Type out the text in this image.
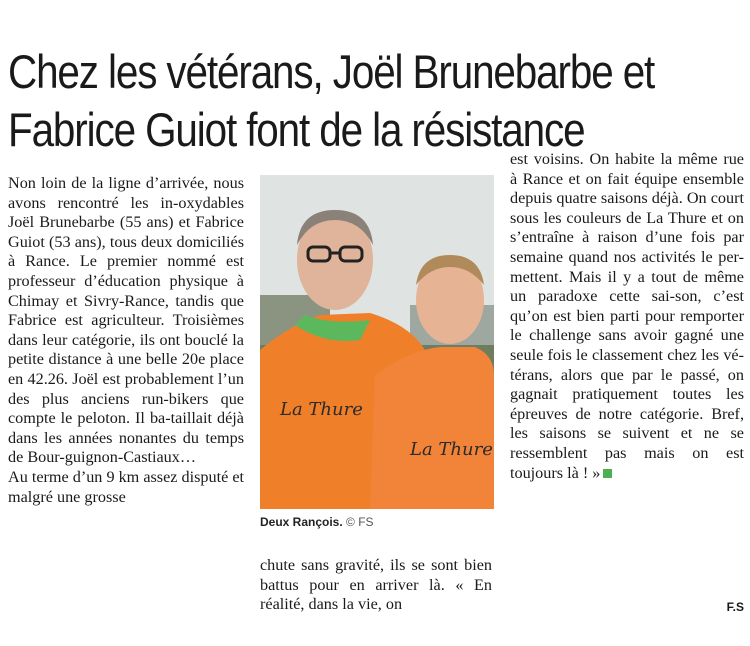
Chez les vétérans, Joël Brunebarbe et
Fabrice Guiot font de la résistance

Non loin de la ligne d’arrivée, nous avons rencontré les in-oxydables Joël Brunebarbe (55 ans) et Fabrice Guiot (53 ans), tous deux domiciliés à Rance. Le premier nommé est professeur d’éducation physique à Chimay et Sivry-Rance, tandis que Fabrice est agriculteur. Troisièmes dans leur catégorie, ils ont bouclé la petite distance à une belle 20e place en 42.26. Joël est probablement l’un des plus anciens run-bikers que compte le peloton. Il ba-taillait déjà dans les années nonantes du temps de Bour-guignon-Castiaux…

Au terme d’un 9 km assez disputé et malgré une grosse

La Thure
La Thure
Deux Rançois. © FS

chute sans gravité, ils se sont bien battus pour en arriver là. « En réalité, dans la vie, on

est voisins. On habite la même rue à Rance et on fait équipe ensemble depuis quatre saisons déjà. On court sous les couleurs de La Thure et on s’entraîne à raison d’une fois par semaine quand nos activités le per-mettent. Mais il y a tout de même un paradoxe cette sai-son, c’est qu’on est bien parti pour remporter le challenge sans avoir gagné une seule fois le classement chez les vé-térans, alors que par le passé, on gagnait pratiquement toutes les épreuves de notre catégorie. Bref, les saisons se suivent et ne se ressemblent pas mais on est toujours là ! »

F.S
